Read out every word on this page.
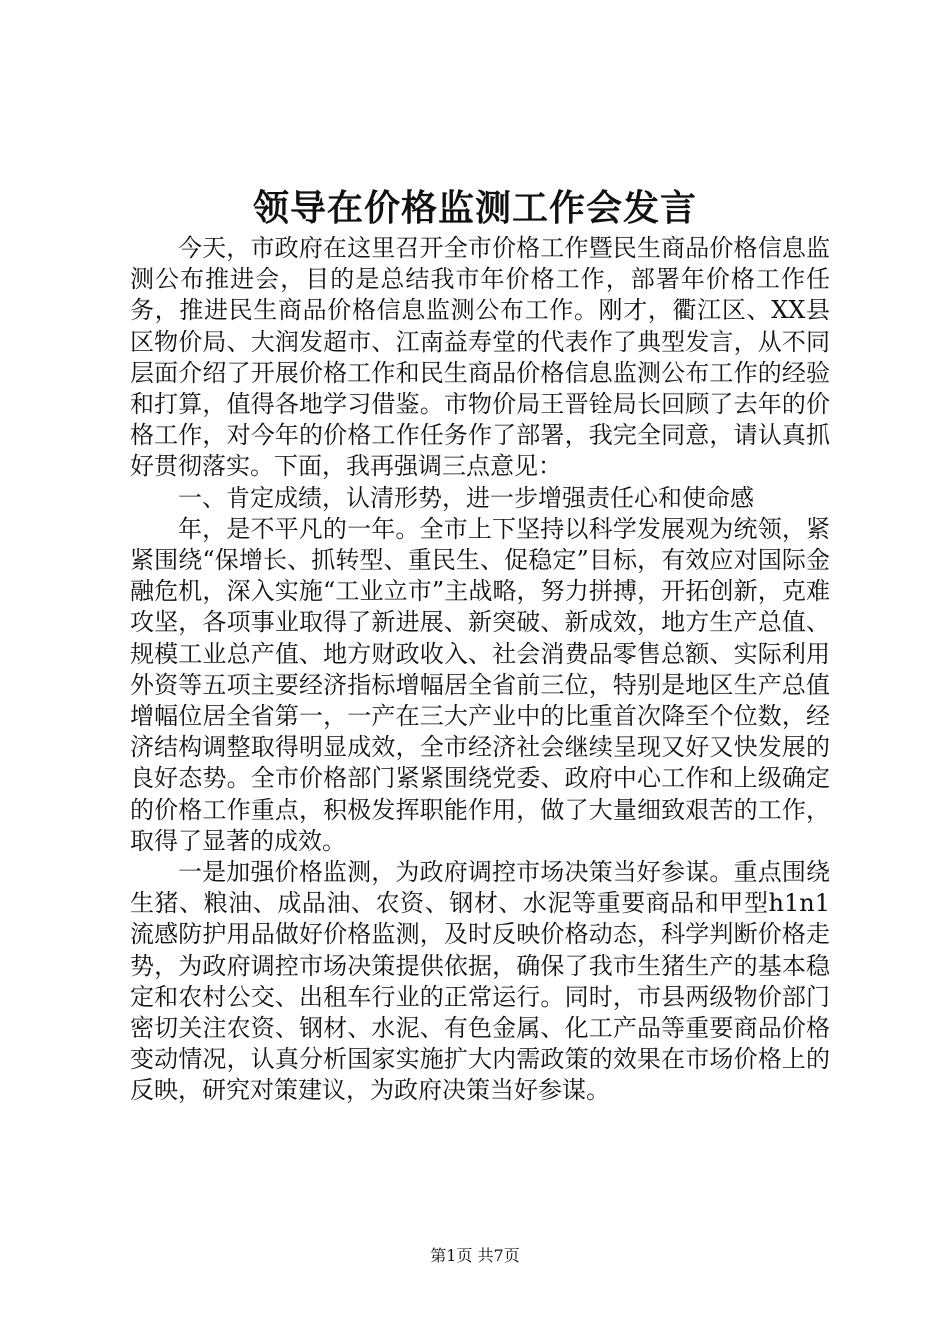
领导在价格监测工作会发言

今天，市政府在这里召开全市价格工作暨民生商品价格信息监测公布推进会，目的是总结我市年价格工作，部署年价格工作任务，推进民生商品价格信息监测公布工作。刚才，衢江区、XX县区物价局、大润发超市、江南益寿堂的代表作了典型发言，从不同层面介绍了开展价格工作和民生商品价格信息监测公布工作的经验和打算，值得各地学习借鉴。市物价局王晋铨局长回顾了去年的价格工作，对今年的价格工作任务作了部署，我完全同意，请认真抓好贯彻落实。下面，我再强调三点意见：

一、肯定成绩，认清形势，进一步增强责任心和使命感

年，是不平凡的一年。全市上下坚持以科学发展观为统领，紧紧围绕“保增长、抓转型、重民生、促稳定”目标，有效应对国际金融危机，深入实施“工业立市”主战略，努力拼搏，开拓创新，克难攻坚，各项事业取得了新进展、新突破、新成效，地方生产总值、规模工业总产值、地方财政收入、社会消费品零售总额、实际利用外资等五项主要经济指标增幅居全省前三位，特别是地区生产总值增幅位居全省第一，一产在三大产业中的比重首次降至个位数，经济结构调整取得明显成效，全市经济社会继续呈现又好又快发展的良好态势。全市价格部门紧紧围绕党委、政府中心工作和上级确定的价格工作重点，积极发挥职能作用，做了大量细致艰苦的工作，取得了显著的成效。

一是加强价格监测，为政府调控市场决策当好参谋。重点围绕生猪、粮油、成品油、农资、钢材、水泥等重要商品和甲型h1n1流感防护用品做好价格监测，及时反映价格动态，科学判断价格走势，为政府调控市场决策提供依据，确保了我市生猪生产的基本稳定和农村公交、出租车行业的正常运行。同时，市县两级物价部门密切关注农资、钢材、水泥、有色金属、化工产品等重要商品价格变动情况，认真分析国家实施扩大内需政策的效果在市场价格上的反映，研究对策建议，为政府决策当好参谋。

第1页 共7页
